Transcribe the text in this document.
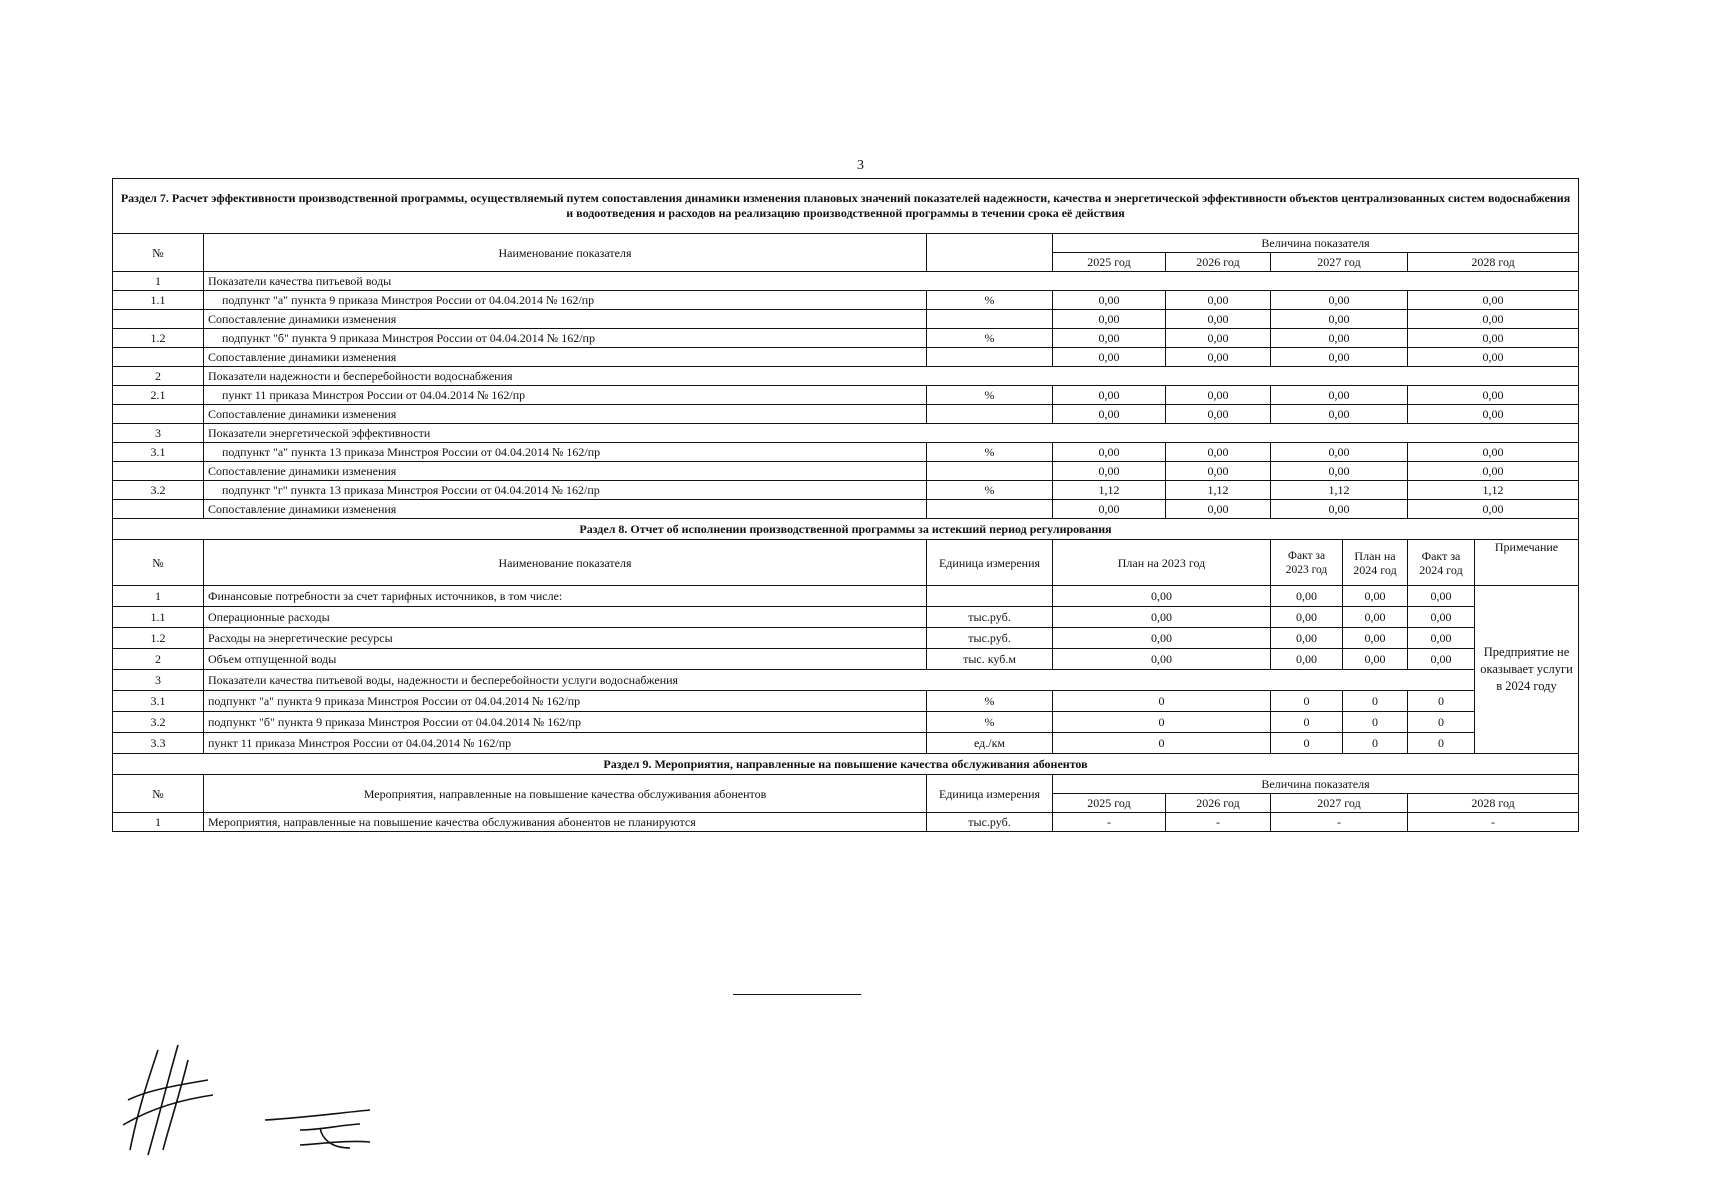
3
Раздел 7. Расчет эффективности производственной программы, осуществляемый путем сопоставления динамики изменения плановых значений показателей надежности, качества и энергетической эффективности объектов централизованных систем водоснабжения и водоотведения и расходов на реализацию производственной программы в течении срока её действия								
№	Наименование показателя		Величина показателя					
			2025 год	2026 год	2027 год		2028 год	
1	Показатели качества питьевой воды							
1.1	подпункт "а" пункта 9 приказа Минстроя России от 04.04.2014 № 162/пр	%	0,00	0,00	0,00		0,00	
	Сопоставление динамики изменения		0,00	0,00	0,00		0,00	
1.2	подпункт "б" пункта 9 приказа Минстроя России от 04.04.2014 № 162/пр	%	0,00	0,00	0,00		0,00	
	Сопоставление динамики изменения		0,00	0,00	0,00		0,00	
2	Показатели надежности и бесперебойности водоснабжения							
2.1	пункт 11 приказа Минстроя России от 04.04.2014 № 162/пр	%	0,00	0,00	0,00		0,00	
	Сопоставление динамики изменения		0,00	0,00	0,00		0,00	
3	Показатели энергетической эффективности							
3.1	подпункт "а" пункта 13 приказа Минстроя России от 04.04.2014 № 162/пр	%	0,00	0,00	0,00		0,00	
	Сопоставление динамики изменения		0,00	0,00	0,00		0,00	
3.2	подпункт "г" пункта 13 приказа Минстроя России от 04.04.2014 № 162/пр	%	1,12	1,12	1,12		1,12	
	Сопоставление динамики изменения		0,00	0,00	0,00		0,00	
Раздел 8. Отчет об исполнении производственной программы за истекший период регулирования								
№	Наименование показателя	Единица измерения	План на 2023 год		Факт за 2023 год	План на 2024 год	Факт за 2024 год	Примечание
1	Финансовые потребности за счет тарифных источников, в том числе:		0,00		0,00	0,00	0,00	Предприятие не оказывает услуги в 2024 году
1.1	Операционные расходы	тыс.руб.	0,00		0,00	0,00	0,00	
1.2	Расходы на энергетические ресурсы	тыс.руб.	0,00		0,00	0,00	0,00	
2	Объем отпущенной воды	тыс. куб.м	0,00		0,00	0,00	0,00	
3	Показатели качества питьевой воды, надежности и бесперебойности услуги водоснабжения							
3.1	подпункт "а" пункта 9 приказа Минстроя России от 04.04.2014 № 162/пр	%	0		0	0	0	
3.2	подпункт "б" пункта 9 приказа Минстроя России от 04.04.2014 № 162/пр	%	0		0	0	0	
3.3	пункт 11 приказа Минстроя России от 04.04.2014 № 162/пр	ед./км	0		0	0	0	
Раздел 9. Мероприятия, направленные на повышение качества обслуживания абонентов								
№	Мероприятия, направленные на повышение качества обслуживания абонентов	Единица измерения	Величина показателя					
			2025 год	2026 год	2027 год		2028 год	
1	Мероприятия, направленные на повышение качества обслуживания абонентов не планируются	тыс.руб.	-	-	-		-	
